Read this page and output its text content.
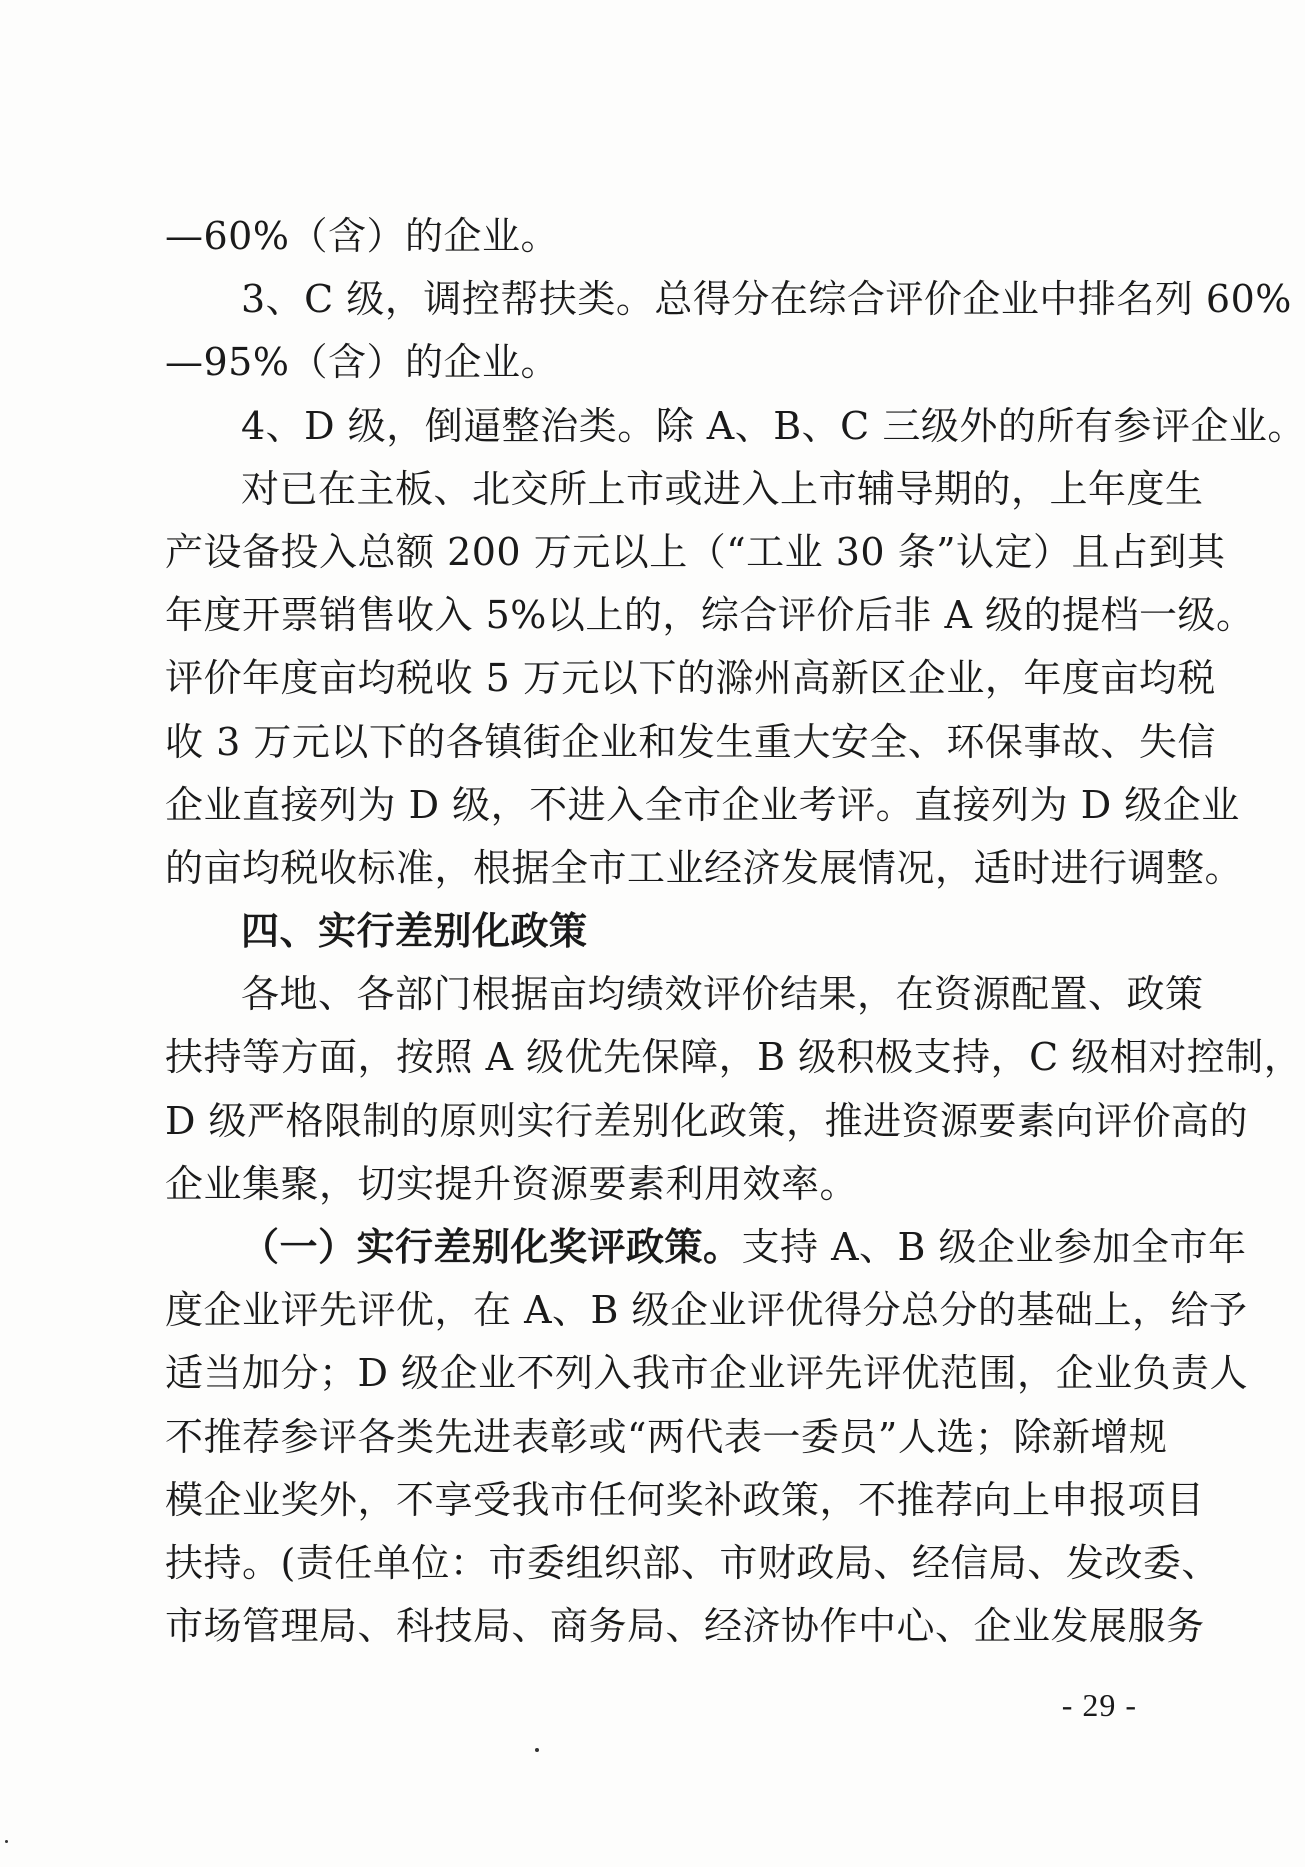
—60%（含）的企业。
3、C 级，调控帮扶类。总得分在综合评价企业中排名列 60%
—95%（含）的企业。
4、D 级，倒逼整治类。除 A、B、C 三级外的所有参评企业。
对已在主板、北交所上市或进入上市辅导期的，上年度生
产设备投入总额 200 万元以上（“工业 30 条”认定）且占到其
年度开票销售收入 5%以上的，综合评价后非 A 级的提档一级。
评价年度亩均税收 5 万元以下的滁州高新区企业，年度亩均税
收 3 万元以下的各镇街企业和发生重大安全、环保事故、失信
企业直接列为 D 级，不进入全市企业考评。直接列为 D 级企业
的亩均税收标准，根据全市工业经济发展情况，适时进行调整。
四、实行差别化政策
各地、各部门根据亩均绩效评价结果，在资源配置、政策
扶持等方面，按照 A 级优先保障，B 级积极支持，C 级相对控制，
D 级严格限制的原则实行差别化政策，推进资源要素向评价高的
企业集聚，切实提升资源要素利用效率。
（一）实行差别化奖评政策。支持 A、B 级企业参加全市年
度企业评先评优，在 A、B 级企业评优得分总分的基础上，给予
适当加分；D 级企业不列入我市企业评先评优范围，企业负责人
不推荐参评各类先进表彰或“两代表一委员”人选；除新增规
模企业奖外，不享受我市任何奖补政策，不推荐向上申报项目
扶持。(责任单位：市委组织部、市财政局、经信局、发改委、
市场管理局、科技局、商务局、经济协作中心、企业发展服务
- 29 -
